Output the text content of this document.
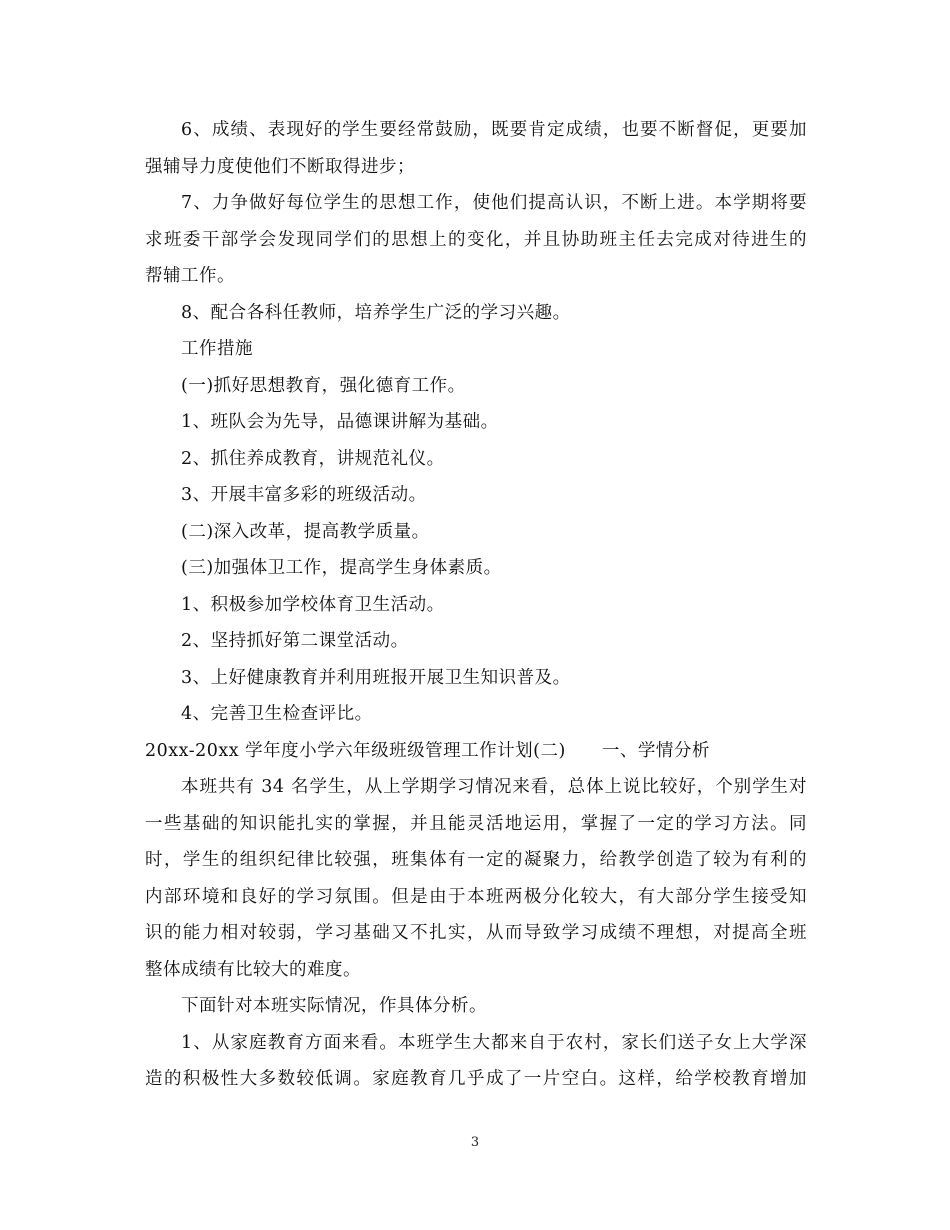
6、成绩、表现好的学生要经常鼓励，既要肯定成绩，也要不断督促，更要加
强辅导力度使他们不断取得进步；
7、力争做好每位学生的思想工作，使他们提高认识，不断上进。本学期将要
求班委干部学会发现同学们的思想上的变化，并且协助班主任去完成对待进生的
帮辅工作。
8、配合各科任教师，培养学生广泛的学习兴趣。
工作措施
(一)抓好思想教育，强化德育工作。
1、班队会为先导，品德课讲解为基础。
2、抓住养成教育，讲规范礼仪。
3、开展丰富多彩的班级活动。
(二)深入改革，提高教学质量。
(三)加强体卫工作，提高学生身体素质。
1、积极参加学校体育卫生活动。
2、坚持抓好第二课堂活动。
3、上好健康教育并利用班报开展卫生知识普及。
4、完善卫生检查评比。
20xx-20xx 学年度小学六年级班级管理工作计划(二)　　一、学情分析
本班共有 34 名学生，从上学期学习情况来看，总体上说比较好，个别学生对
一些基础的知识能扎实的掌握，并且能灵活地运用，掌握了一定的学习方法。同
时，学生的组织纪律比较强，班集体有一定的凝聚力，给教学创造了较为有利的
内部环境和良好的学习氛围。但是由于本班两极分化较大，有大部分学生接受知
识的能力相对较弱，学习基础又不扎实，从而导致学习成绩不理想，对提高全班
整体成绩有比较大的难度。
下面针对本班实际情况，作具体分析。
1、从家庭教育方面来看。本班学生大都来自于农村，家长们送子女上大学深
造的积极性大多数较低调。家庭教育几乎成了一片空白。这样，给学校教育增加
3
